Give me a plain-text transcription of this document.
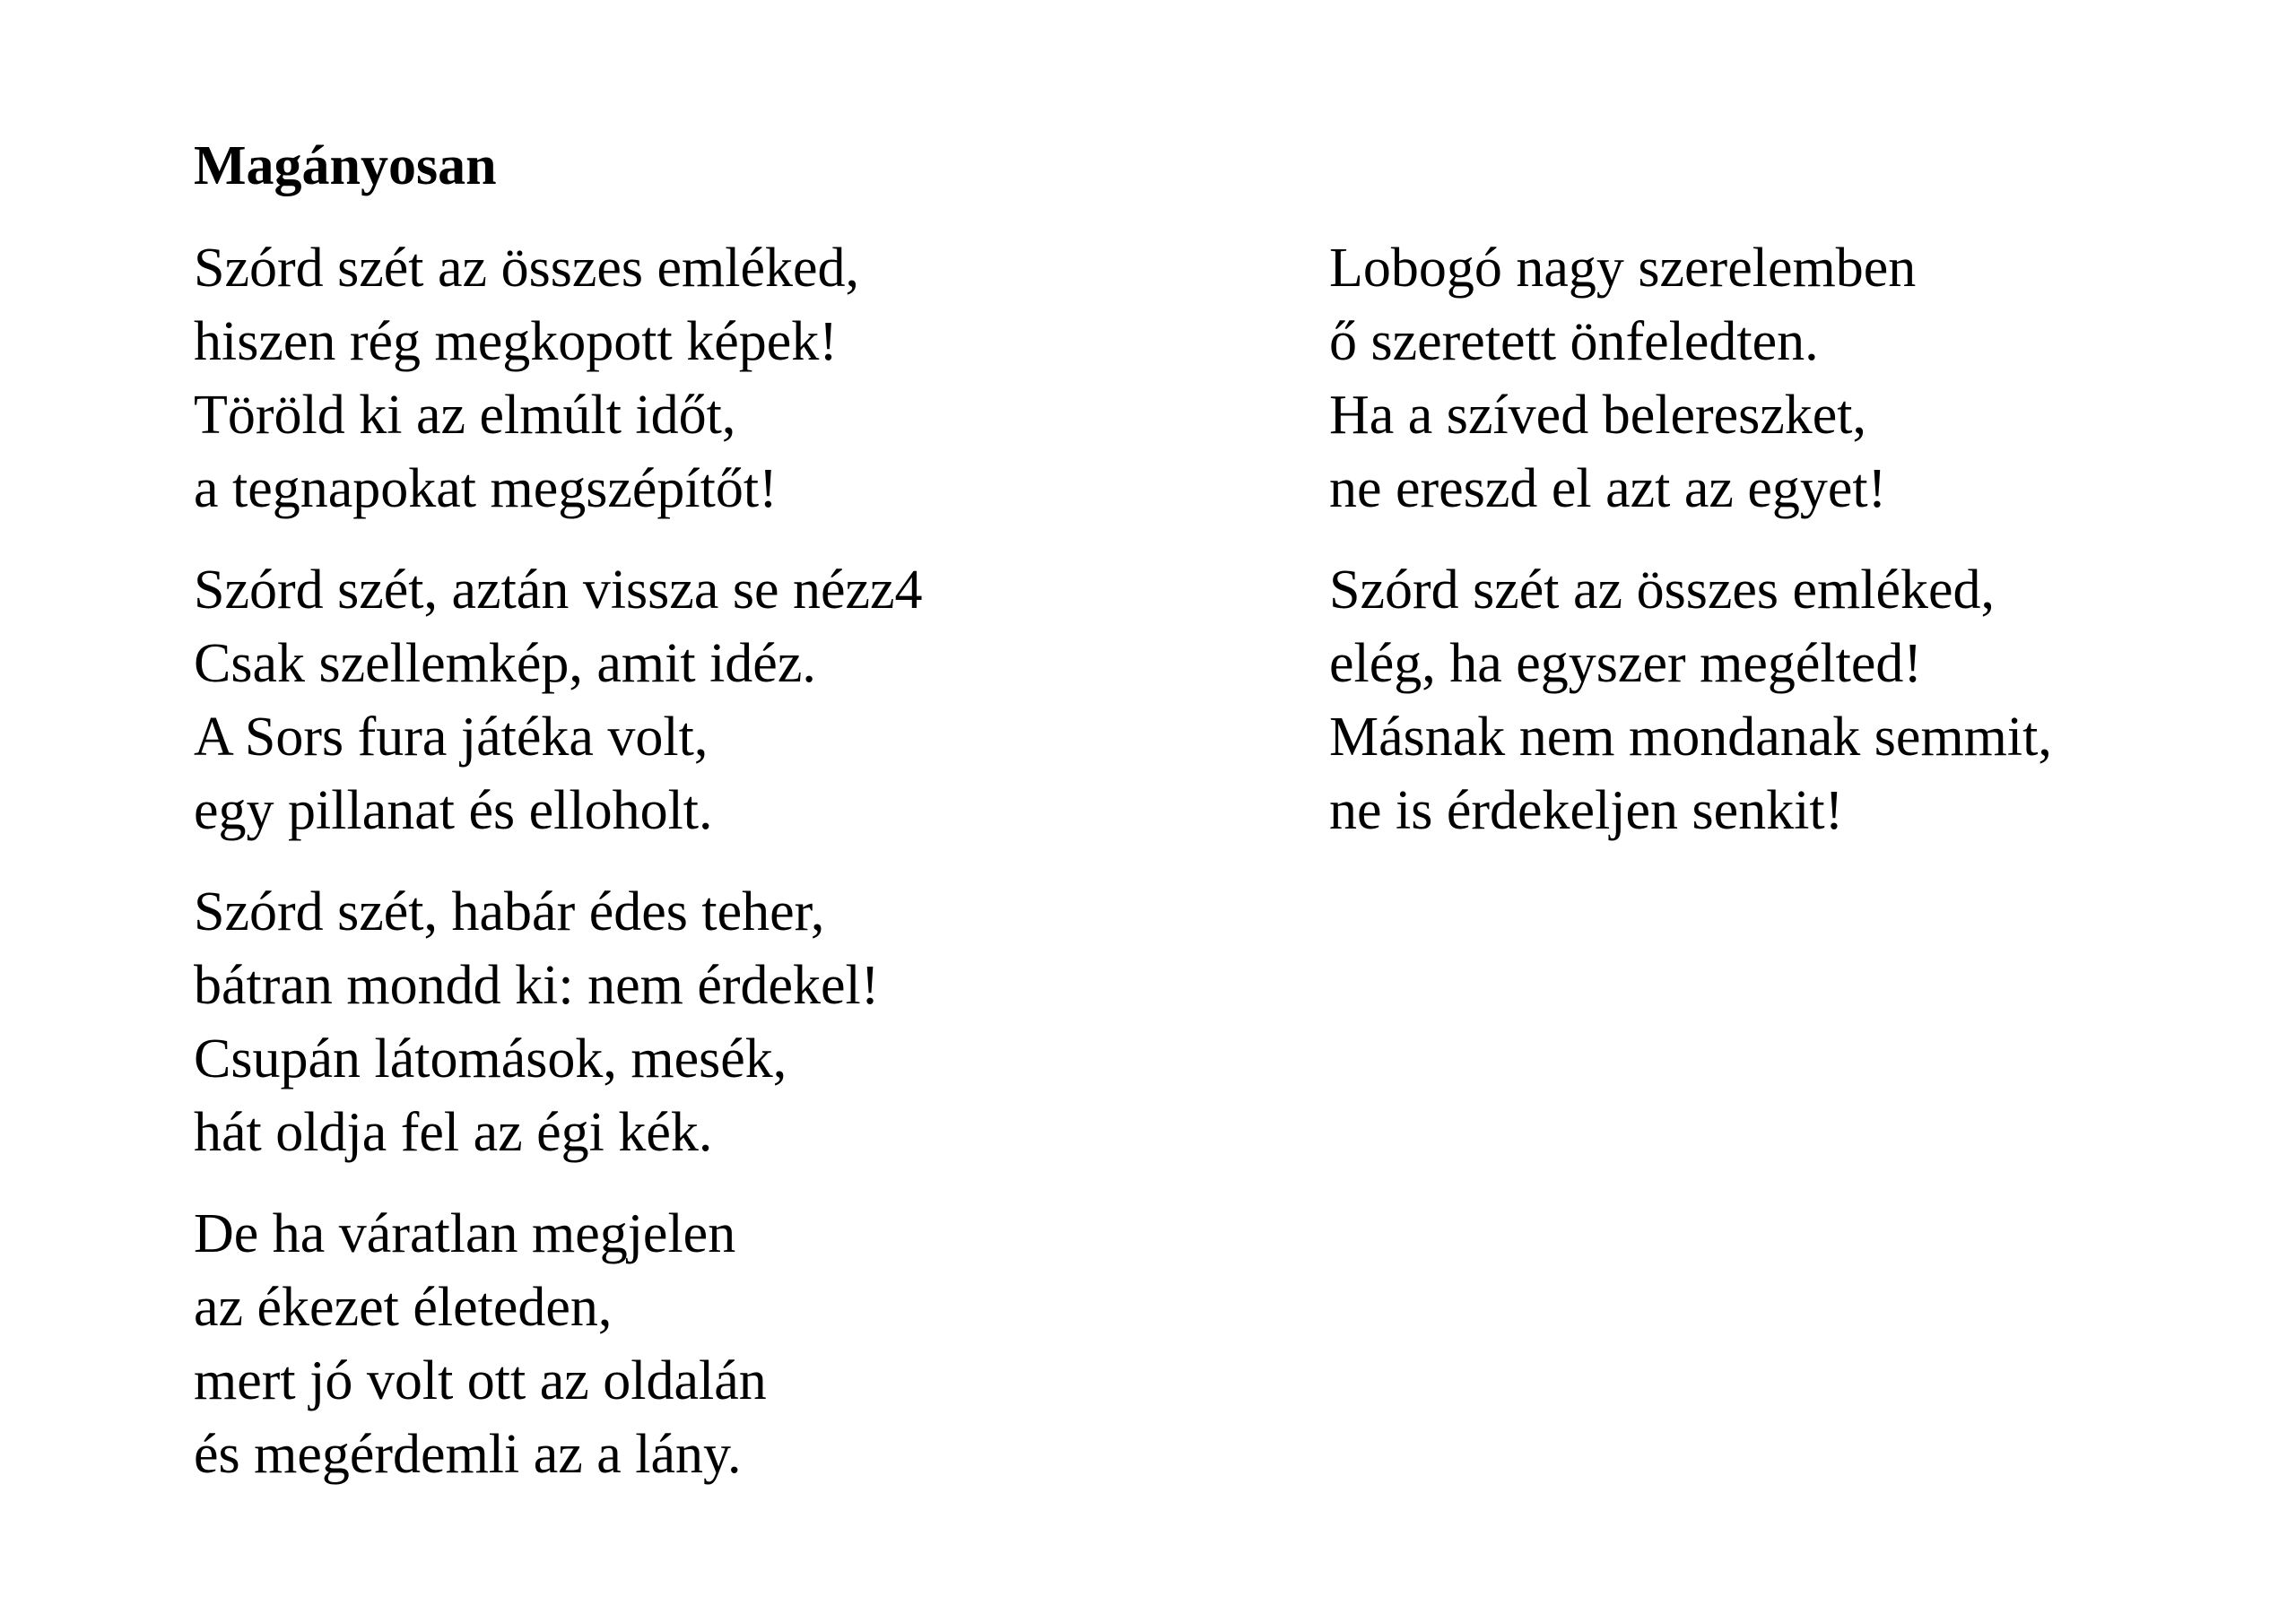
Magányosan

Szórd szét az összes emléked,
hiszen rég megkopott képek!
Töröld ki az elmúlt időt,
a tegnapokat megszépítőt!

Szórd szét, aztán vissza se nézz4
Csak szellemkép, amit idéz.
A Sors fura játéka volt,
egy pillanat és elloholt.

Szórd szét, habár édes teher,
bátran mondd ki: nem érdekel!
Csupán látomások, mesék,
hát oldja fel az égi kék.

De ha váratlan megjelen
az ékezet életeden,
mert jó volt ott az oldalán
és megérdemli az a lány.

Lobogó nagy szerelemben
ő szeretett önfeledten.
Ha a szíved belereszket,
ne ereszd el azt az egyet!

Szórd szét az összes emléked,
elég, ha egyszer megélted!
Másnak nem mondanak semmit,
ne is érdekeljen senkit!
